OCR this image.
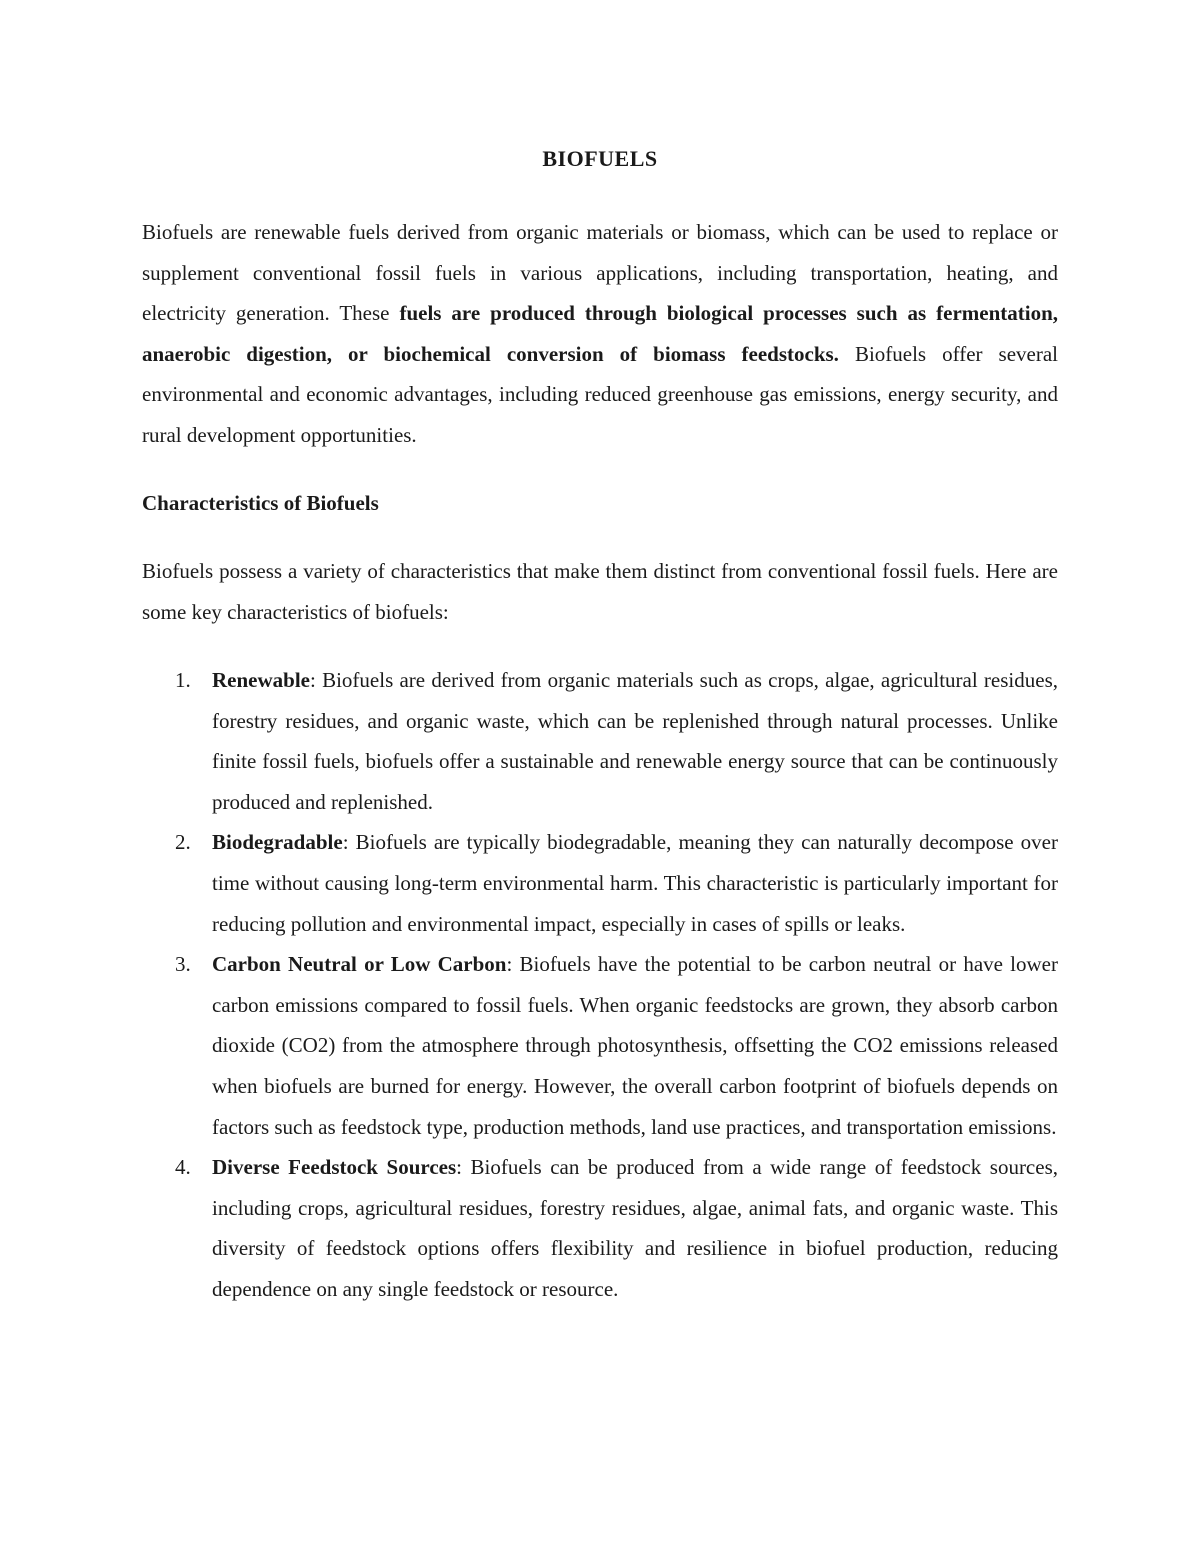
BIOFUELS

Biofuels are renewable fuels derived from organic materials or biomass, which can be used to replace or supplement conventional fossil fuels in various applications, including transportation, heating, and electricity generation. These fuels are produced through biological processes such as fermentation, anaerobic digestion, or biochemical conversion of biomass feedstocks. Biofuels offer several environmental and economic advantages, including reduced greenhouse gas emissions, energy security, and rural development opportunities.

Characteristics of Biofuels

Biofuels possess a variety of characteristics that make them distinct from conventional fossil fuels. Here are some key characteristics of biofuels:

1. Renewable: Biofuels are derived from organic materials such as crops, algae, agricultural residues, forestry residues, and organic waste, which can be replenished through natural processes. Unlike finite fossil fuels, biofuels offer a sustainable and renewable energy source that can be continuously produced and replenished.
2. Biodegradable: Biofuels are typically biodegradable, meaning they can naturally decompose over time without causing long-term environmental harm. This characteristic is particularly important for reducing pollution and environmental impact, especially in cases of spills or leaks.
3. Carbon Neutral or Low Carbon: Biofuels have the potential to be carbon neutral or have lower carbon emissions compared to fossil fuels. When organic feedstocks are grown, they absorb carbon dioxide (CO2) from the atmosphere through photosynthesis, offsetting the CO2 emissions released when biofuels are burned for energy. However, the overall carbon footprint of biofuels depends on factors such as feedstock type, production methods, land use practices, and transportation emissions.
4. Diverse Feedstock Sources: Biofuels can be produced from a wide range of feedstock sources, including crops, agricultural residues, forestry residues, algae, animal fats, and organic waste. This diversity of feedstock options offers flexibility and resilience in biofuel production, reducing dependence on any single feedstock or resource.
